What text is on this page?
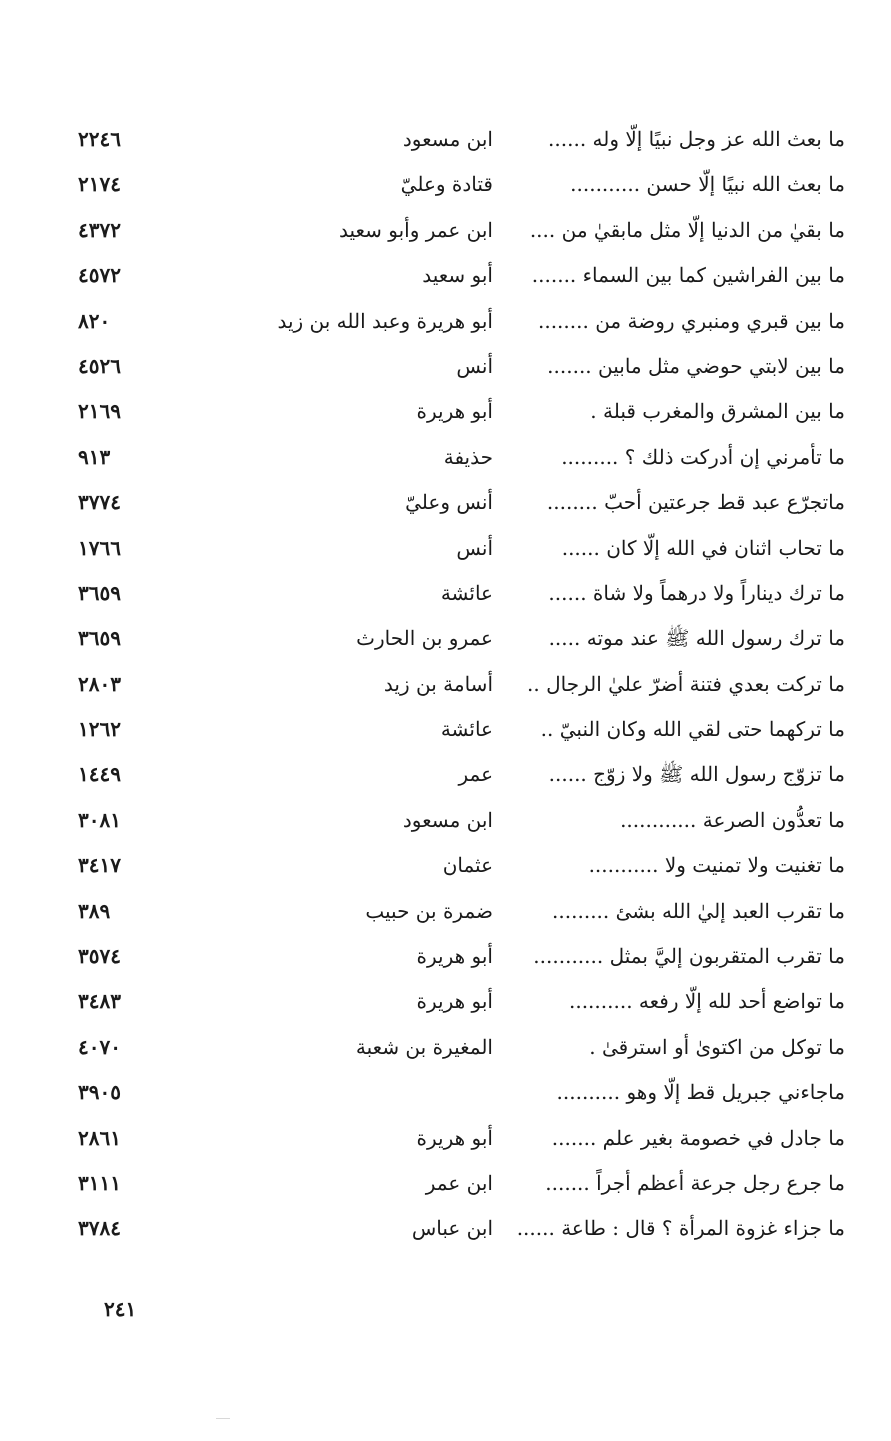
ما بعث الله عز وجل نبيًا إلَّا وله ......
ابن مسعود
٢٢٤٦
ما بعث الله نبيًا إلَّا حسن ...........
قتادة وعليّ
٢١٧٤
ما بقيٰ من الدنيا إلَّا مثل مابقيٰ من ....
ابن عمر وأبو سعيد
٤٣٧٢
ما بين الفراشين كما بين السماء .......
أبو سعيد
٤٥٧٢
ما بين قبري ومنبري روضة من ........
أبو هريرة وعبد الله بن زيد
٨٢٠
ما بين لابتي حوضي مثل مابين .......
أنس
٤٥٢٦
ما بين المشرق والمغرب قبلة .
أبو هريرة
٢١٦٩
ما تأمرني إن أدركت ذلك ؟ .........
حذيفة
٩١٣
ماتجرّع عبد قط جرعتين أحبّ ........
أنس وعليّ
٣٧٧٤
ما تحاب اثنان في الله إلَّا كان ......
أنس
١٧٦٦
ما ترك ديناراً ولا درهماً ولا شاة ......
عائشة
٣٦٥٩
ما ترك رسول الله ﷺ عند موته .....
عمرو بن الحارث
٣٦٥٩
ما تركت بعدي فتنة أضرّ عليٰ الرجال ..
أسامة بن زيد
٢٨٠٣
ما تركهما حتى لقي الله وكان النبيّ ..
عائشة
١٢٦٢
ما تزوّج رسول الله ﷺ ولا زوّج ......
عمر
١٤٤٩
ما تعدُّون الصرعة ............
ابن مسعود
٣٠٨١
ما تغنيت ولا تمنيت ولا ...........
عثمان
٣٤١٧
ما تقرب العبد إليٰ الله بشئ .........
ضمرة بن حبيب
٣٨٩
ما تقرب المتقربون إليَّ بمثل ...........
أبو هريرة
٣٥٧٤
ما تواضع أحد لله إلَّا رفعه ..........
أبو هريرة
٣٤٨٣
ما توكل من اكتوىٰ أو استرقىٰ .
المغيرة بن شعبة
٤٠٧٠
ماجاءني جبريل قط إلَّا وهو ..........
٣٩٠٥
ما جادل في خصومة بغير علم .......
أبو هريرة
٢٨٦١
ما جرع رجل جرعة أعظم أجراً .......
ابن عمر
٣١١١
ما جزاء غزوة المرأة ؟ قال : طاعة ......
ابن عباس
٣٧٨٤
٢٤١
